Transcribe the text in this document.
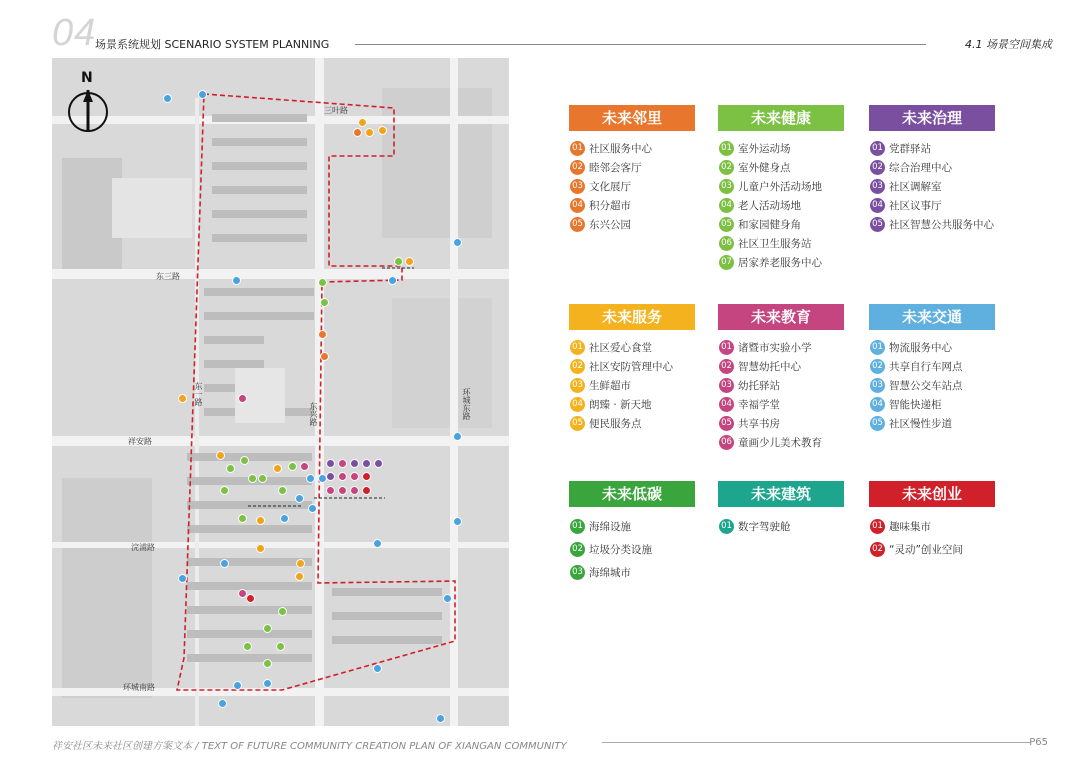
04
场景系统规划 SCENARIO SYSTEM PLANNING	4.1 场景空间集成
N
东三路
祥安路
浣浦路
环城南路
环城东路
东兴路
三叶路
东一路
未来邻里
01 社区服务中心
02 睦邻会客厅
03 文化展厅
04 积分超市
05 东兴公园
未来健康
01 室外运动场
02 室外健身点
03 儿童户外活动场地
04 老人活动场地
05 和家园健身角
06 社区卫生服务站
07 居家养老服务中心
未来治理
01 党群驿站
02 综合治理中心
03 社区调解室
04 社区议事厅
05 社区智慧公共服务中心
未来服务
01 社区爱心食堂
02 社区安防管理中心
03 生鲜超市
04 朗臻 · 新天地
05 便民服务点
未来教育
01 诸暨市实验小学
02 智慧幼托中心
03 幼托驿站
04 幸福学堂
05 共享书房
06 童画少儿美术教育
未来交通
01 物流服务中心
02 共享自行车网点
03 智慧公交车站点
04 智能快递柜
05 社区慢性步道
未来低碳
01 海绵设施
02 垃圾分类设施
03 海绵城市
未来建筑
01 数字驾驶舱
未来创业
01 趣味集市
02 “灵动”创业空间
祥安社区未来社区创建方案文本 / TEXT OF FUTURE COMMUNITY CREATION PLAN OF XIANGAN COMMUNITY	P65
